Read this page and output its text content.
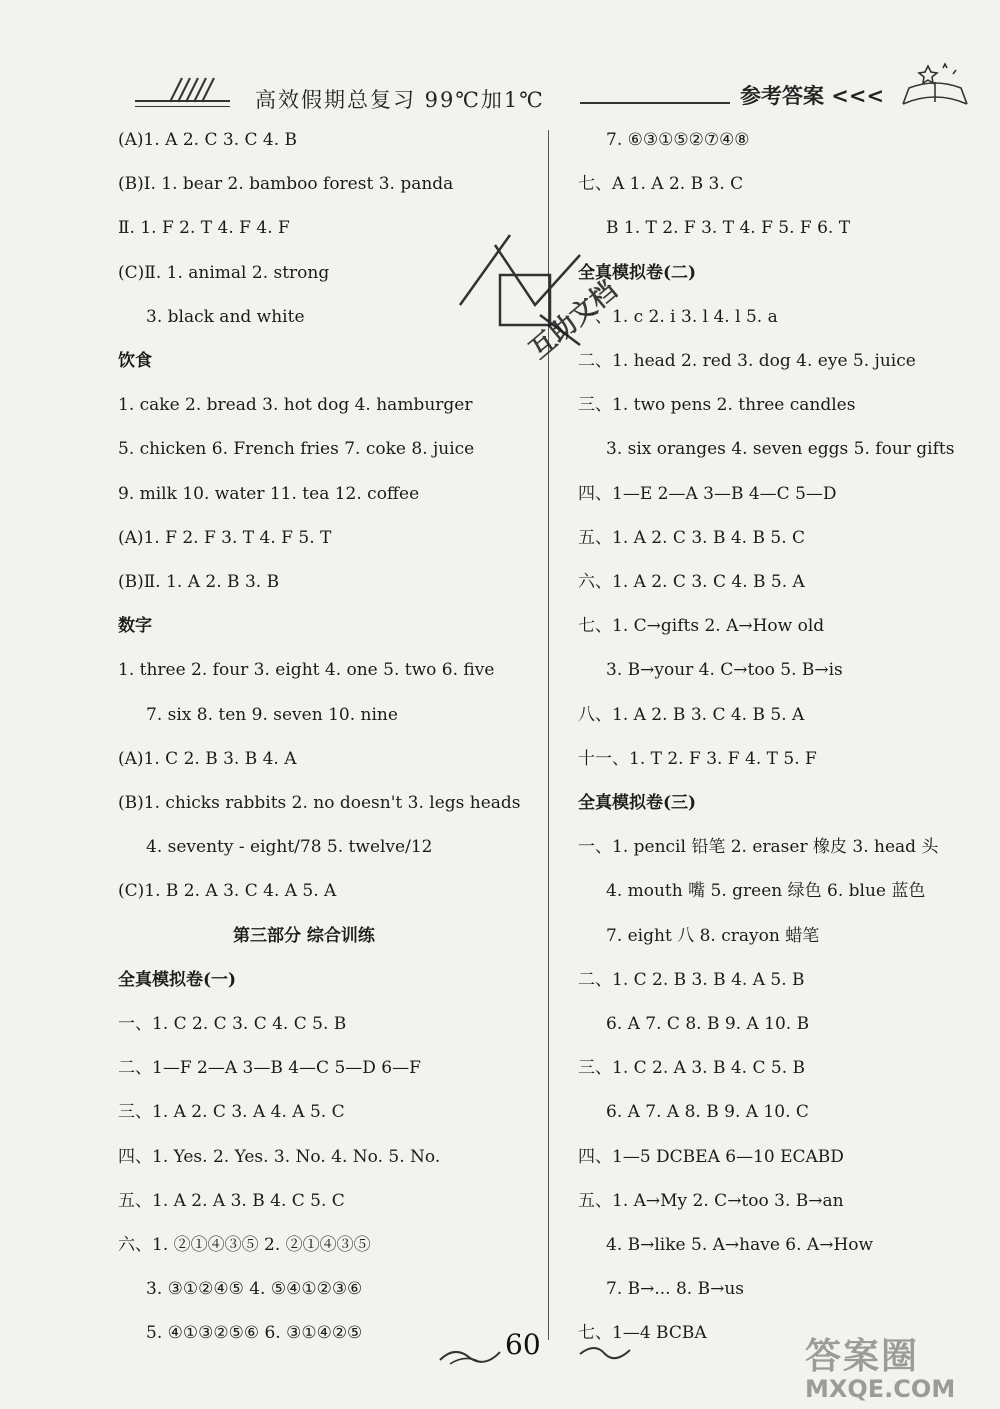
高效假期总复习 99℃加1℃	参考答案 <<<
(A)1. A 2. C 3. C 4. B
(B)Ⅰ. 1. bear 2. bamboo forest 3. panda
Ⅱ. 1. F 2. T 4. F 4. F
(C)Ⅱ. 1. animal 2. strong
3. black and white
饮食
1. cake 2. bread 3. hot dog 4. hamburger
5. chicken 6. French fries 7. coke 8. juice
9. milk 10. water 11. tea 12. coffee
(A)1. F 2. F 3. T 4. F 5. T
(B)Ⅱ. 1. A 2. B 3. B
数字
1. three 2. four 3. eight 4. one 5. two 6. five
7. six 8. ten 9. seven 10. nine
(A)1. C 2. B 3. B 4. A
(B)1. chicks rabbits 2. no doesn't 3. legs heads
4. seventy - eight/78 5. twelve/12
(C)1. B 2. A 3. C 4. A 5. A
第三部分 综合训练
全真模拟卷(一)
一、1. C 2. C 3. C 4. C 5. B
二、1—F 2—A 3—B 4—C 5—D 6—F
三、1. A 2. C 3. A 4. A 5. C
四、1. Yes. 2. Yes. 3. No. 4. No. 5. No.
五、1. A 2. A 3. B 4. C 5. C
六、1. ②①④③⑤ 2. ②①④③⑤
3. ③①②④⑤ 4. ⑤④①②③⑥
5. ④①③②⑤⑥ 6. ③①④②⑤
7. ⑥③①⑤②⑦④⑧
七、A 1. A 2. B 3. C
B 1. T 2. F 3. T 4. F 5. F 6. T
全真模拟卷(二)
一、1. c 2. i 3. l 4. l 5. a
二、1. head 2. red 3. dog 4. eye 5. juice
三、1. two pens 2. three candles
3. six oranges 4. seven eggs 5. four gifts
四、1—E 2—A 3—B 4—C 5—D
五、1. A 2. C 3. B 4. B 5. C
六、1. A 2. C 3. C 4. B 5. A
七、1. C→gifts 2. A→How old
3. B→your 4. C→too 5. B→is
八、1. A 2. B 3. C 4. B 5. A
十一、1. T 2. F 3. F 4. T 5. F
全真模拟卷(三)
一、1. pencil 铅笔 2. eraser 橡皮 3. head 头
4. mouth 嘴 5. green 绿色 6. blue 蓝色
7. eight 八 8. crayon 蜡笔
二、1. C 2. B 3. B 4. A 5. B
6. A 7. C 8. B 9. A 10. B
三、1. C 2. A 3. B 4. C 5. B
6. A 7. A 8. B 9. A 10. C
四、1—5 DCBEA 6—10 ECABD
五、1. A→My 2. C→too 3. B→an
4. B→like 5. A→have 6. A→How
7. B→... 8. B→us
七、1—4 BCBA
互助文档
60	答案圈
MXQE.COM
